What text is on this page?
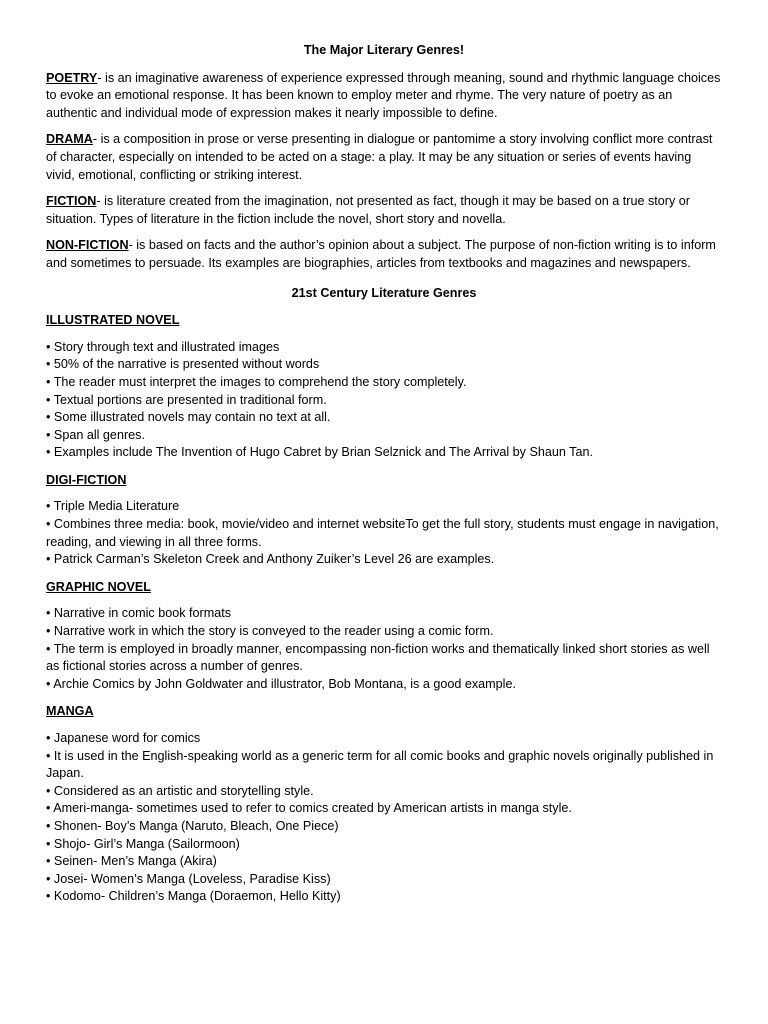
The Major Literary Genres!

POETRY- is an imaginative awareness of experience expressed through meaning, sound and rhythmic language choices to evoke an emotional response. It has been known to employ meter and rhyme. The very nature of poetry as an authentic and individual mode of expression makes it nearly impossible to define.

DRAMA- is a composition in prose or verse presenting in dialogue or pantomime a story involving conflict more contrast of character, especially on intended to be acted on a stage: a play. It may be any situation or series of events having vivid, emotional, conflicting or striking interest.

FICTION- is literature created from the imagination, not presented as fact, though it may be based on a true story or situation. Types of literature in the fiction include the novel, short story and novella.

NON-FICTION- is based on facts and the author’s opinion about a subject. The purpose of non-fiction writing is to inform and sometimes to persuade. Its examples are biographies, articles from textbooks and magazines and newspapers.

21st Century Literature Genres
ILLUSTRATED NOVEL
• Story through text and illustrated images
• 50% of the narrative is presented without words
• The reader must interpret the images to comprehend the story completely.
• Textual portions are presented in traditional form.
• Some illustrated novels may contain no text at all.
• Span all genres.
• Examples include The Invention of Hugo Cabret by Brian Selznick and The Arrival by Shaun Tan.
DIGI-FICTION
• Triple Media Literature
• Combines three media: book, movie/video and internet websiteTo get the full story, students must engage in navigation, reading, and viewing in all three forms.
• Patrick Carman’s Skeleton Creek and Anthony Zuiker’s Level 26 are examples.
GRAPHIC NOVEL
• Narrative in comic book formats
• Narrative work in which the story is conveyed to the reader using a comic form.
• The term is employed in broadly manner, encompassing non-fiction works and thematically linked short stories as well as fictional stories across a number of genres.
• Archie Comics by John Goldwater and illustrator, Bob Montana, is a good example.
MANGA
• Japanese word for comics
• It is used in the English-speaking world as a generic term for all comic books and graphic novels originally published in Japan.
• Considered as an artistic and storytelling style.
• Ameri-manga- sometimes used to refer to comics created by American artists in manga style.
• Shonen- Boy’s Manga (Naruto, Bleach, One Piece)
• Shojo- Girl’s Manga (Sailormoon)
• Seinen- Men’s Manga (Akira)
• Josei- Women’s Manga (Loveless, Paradise Kiss)
• Kodomo- Children’s Manga (Doraemon, Hello Kitty)
